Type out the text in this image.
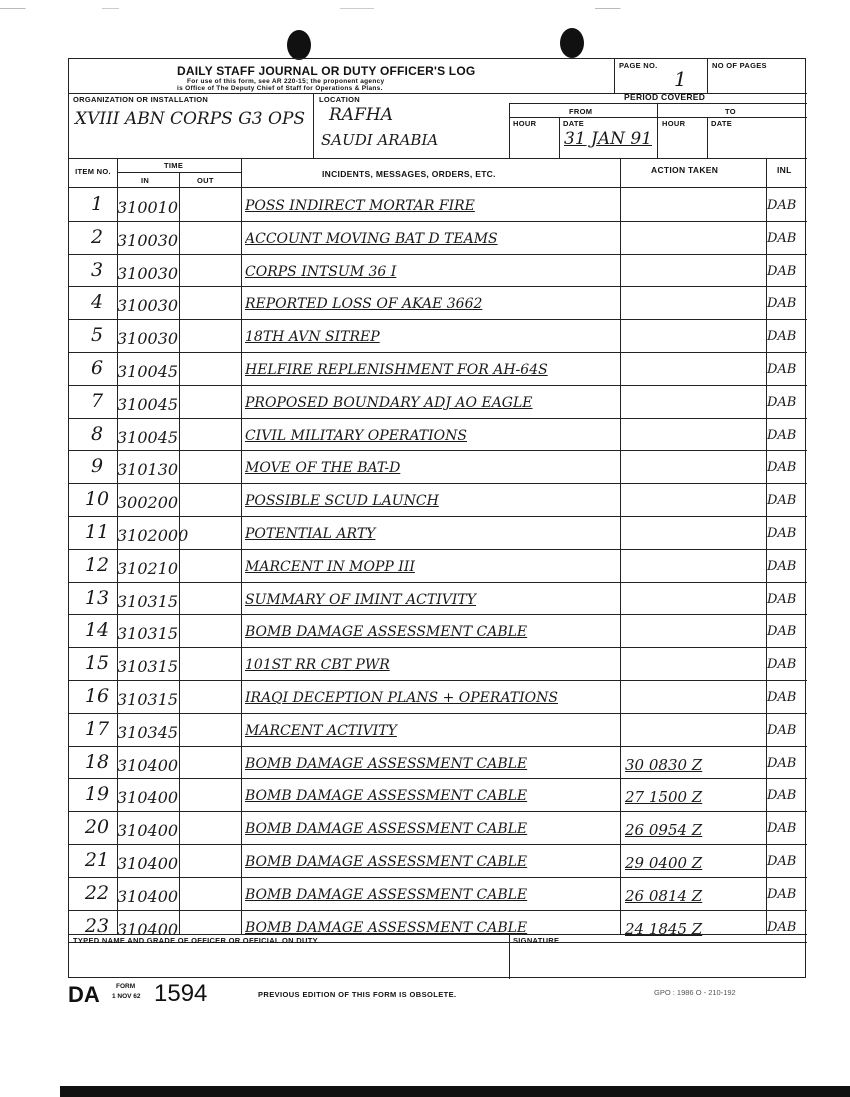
DAILY STAFF JOURNAL OR DUTY OFFICER'S LOG
For use of this form, see AR 220-15; the proponent agency
is Office of The Deputy Chief of Staff for Operations & Plans.
PAGE NO.
1
NO OF PAGES
ORGANIZATION OR INSTALLATION
XVIII ABN CORPS G3 OPS
LOCATION
RAFHA
SAUDI ARABIA
PERIOD COVERED
FROM	TO
HOUR	DATE	HOUR	DATE
31 JAN 91
ITEM NO.
TIME
IN	OUT
INCIDENTS, MESSAGES, ORDERS, ETC.	ACTION TAKEN	INL
1 310010	POSS INDIRECT MORTAR FIRE	DAB
2 310030	ACCOUNT MOVING BAT D TEAMS	DAB
3 310030	CORPS INTSUM 36 I	DAB
4 310030	REPORTED LOSS OF AKAE 3662	DAB
5 310030	18TH AVN SITREP	DAB
6 310045	HELFIRE REPLENISHMENT FOR AH-64S	DAB
7 310045	PROPOSED BOUNDARY ADJ AO EAGLE	DAB
8 310045	CIVIL MILITARY OPERATIONS	DAB
9 310130	MOVE OF THE BAT-D	DAB
10 300200	POSSIBLE SCUD LAUNCH	DAB
11 3102000	POTENTIAL ARTY	DAB
12 310210	MARCENT IN MOPP III	DAB
13 310315	SUMMARY OF IMINT ACTIVITY	DAB
14 310315	BOMB DAMAGE ASSESSMENT CABLE	DAB
15 310315	101ST RR CBT PWR	DAB
16 310315	IRAQI DECEPTION PLANS + OPERATIONS	DAB
17 310345	MARCENT ACTIVITY	DAB
18 310400	BOMB DAMAGE ASSESSMENT CABLE	30 0830 Z	DAB
19 310400	BOMB DAMAGE ASSESSMENT CABLE	27 1500 Z	DAB
20 310400	BOMB DAMAGE ASSESSMENT CABLE	26 0954 Z	DAB
21 310400	BOMB DAMAGE ASSESSMENT CABLE	29 0400 Z	DAB
22 310400	BOMB DAMAGE ASSESSMENT CABLE	26 0814 Z	DAB
23 310400	BOMB DAMAGE ASSESSMENT CABLE	24 1845 Z	DAB
TYPED NAME AND GRADE OF OFFICER OR OFFICIAL ON DUTY	SIGNATURE
DA FORM
1 NOV 62 1594	PREVIOUS EDITION OF THIS FORM IS OBSOLETE.	GPO : 1986 O - 210-192
